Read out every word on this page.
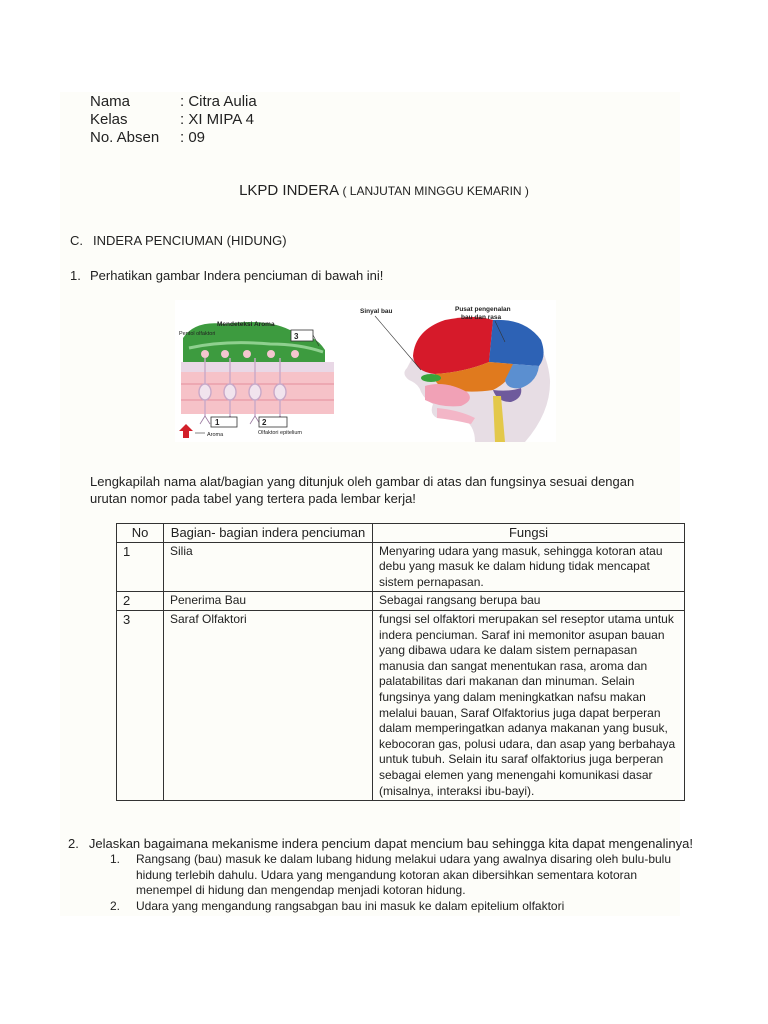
Nama	: Citra Aulia
Kelas	: XI MIPA 4
No. Absen : 09
LKPD INDERA ( LANJUTAN MINGGU KEMARIN )
C. INDERA PENCIUMAN (HIDUNG)
1. Perhatikan gambar Indera penciuman di bawah ini!
Mendeteksi Aroma
Pentol olfaktori	3
1	2
Olfaktori epitelium
Aroma
Sinyal bau	Pusat pengenalan
bau dan rasa
Lengkapilah nama alat/bagian yang ditunjuk oleh gambar di atas dan fungsinya sesuai dengan urutan nomor pada tabel yang tertera pada lembar kerja!
No	Bagian- bagian indera penciuman	Fungsi
1	Silia	Menyaring udara yang masuk, sehingga kotoran atau debu yang masuk ke dalam hidung tidak mencapat sistem pernapasan.
2	Penerima Bau	Sebagai rangsang berupa bau
3	Saraf Olfaktori	fungsi sel olfaktori merupakan sel reseptor utama untuk indera penciuman. Saraf ini memonitor asupan bauan yang dibawa udara ke dalam sistem pernapasan manusia dan sangat menentukan rasa, aroma dan palatabilitas dari makanan dan minuman. Selain fungsinya yang dalam meningkatkan nafsu makan melalui bauan, Saraf Olfaktorius juga dapat berperan dalam memperingatkan adanya makanan yang busuk, kebocoran gas, polusi udara, dan asap yang berbahaya untuk tubuh. Selain itu saraf olfaktorius juga berperan sebagai elemen yang menengahi komunikasi dasar (misalnya, interaksi ibu-bayi).
2. Jelaskan bagaimana mekanisme indera pencium dapat mencium bau sehingga kita dapat mengenalinya!
1. Rangsang (bau) masuk ke dalam lubang hidung melakui udara yang awalnya disaring oleh bulu-bulu hidung terlebih dahulu. Udara yang mengandung kotoran akan dibersihkan sementara kotoran menempel di hidung dan mengendap menjadi kotoran hidung.
2. Udara yang mengandung rangsabgan bau ini masuk ke dalam epitelium olfaktori
